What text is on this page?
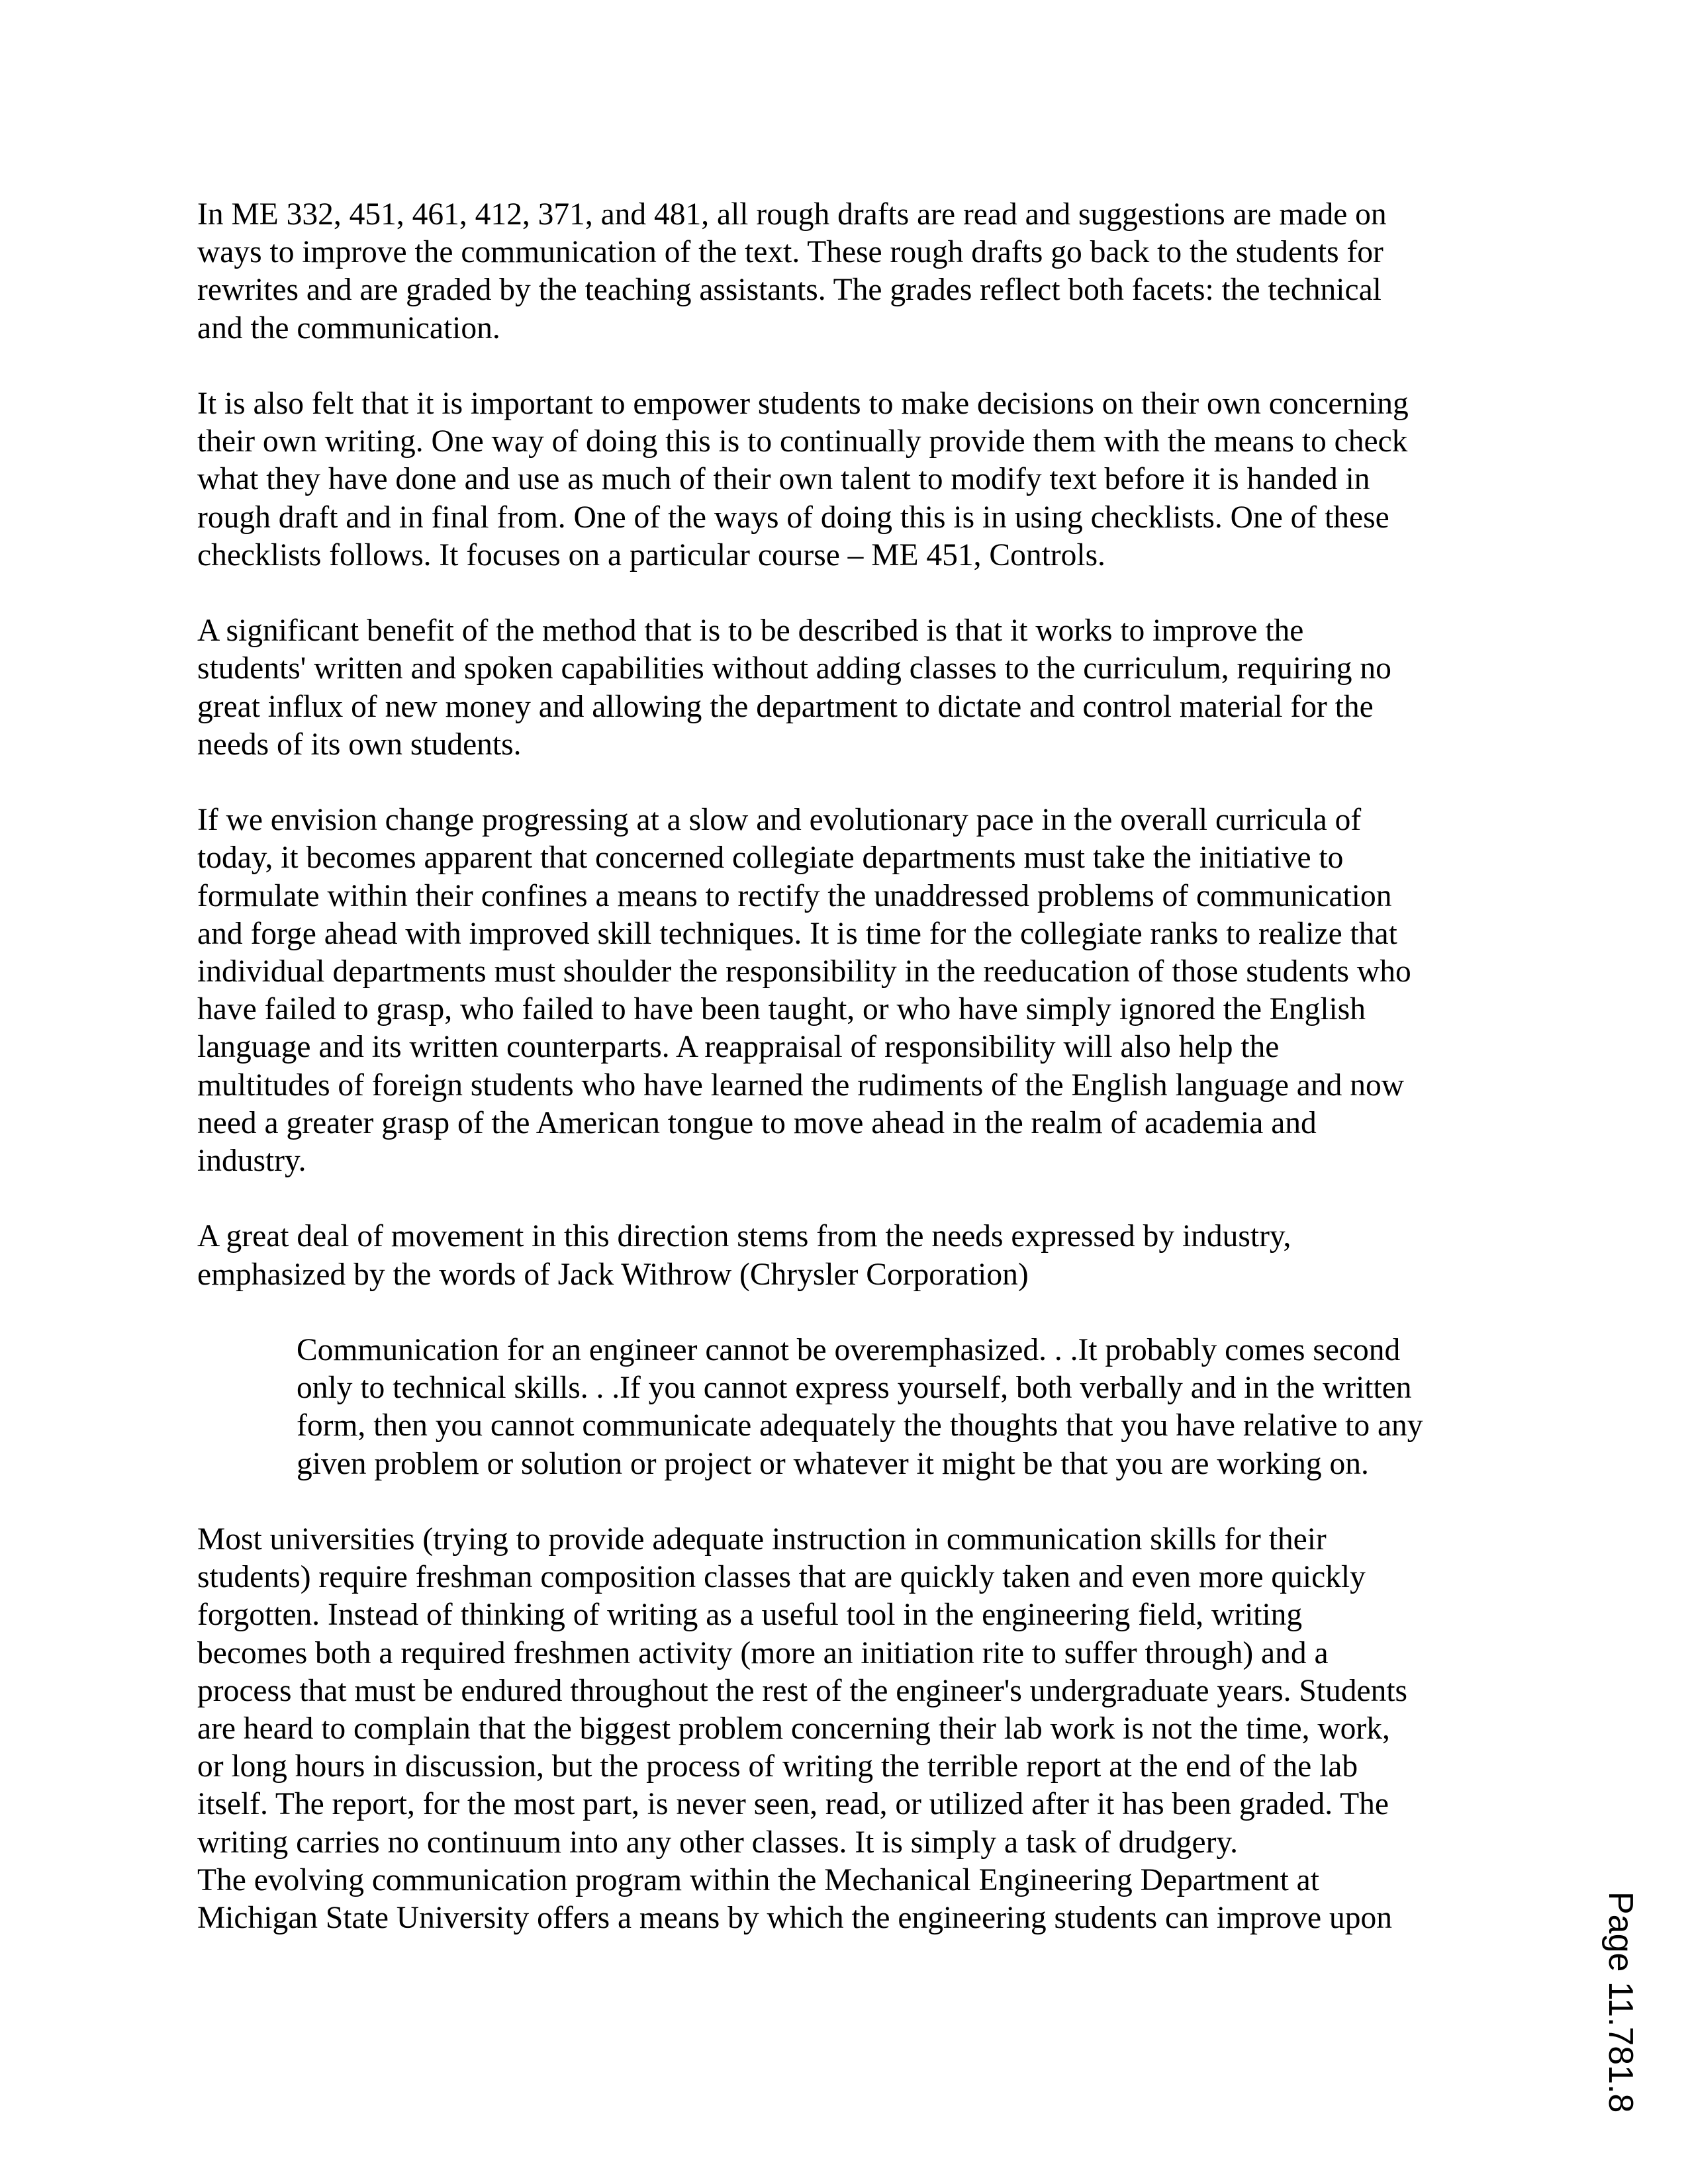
In ME 332, 451, 461, 412, 371, and 481, all rough drafts are read and suggestions are made on
ways to improve the communication of the text. These rough drafts go back to the students for
rewrites and are graded by the teaching assistants. The grades reflect both facets: the technical
and the communication.

It is also felt that it is important to empower students to make decisions on their own concerning
their own writing. One way of doing this is to continually provide them with the means to check
what they have done and use as much of their own talent to modify text before it is handed in
rough draft and in final from. One of the ways of doing this is in using checklists. One of these
checklists follows. It focuses on a particular course – ME 451, Controls.

A significant benefit of the method that is to be described is that it works to improve the
students' written and spoken capabilities without adding classes to the curriculum, requiring no
great influx of new money and allowing the department to dictate and control material for the
needs of its own students.

If we envision change progressing at a slow and evolutionary pace in the overall curricula of
today, it becomes apparent that concerned collegiate departments must take the initiative to
formulate within their confines a means to rectify the unaddressed problems of communication
and forge ahead with improved skill techniques. It is time for the collegiate ranks to realize that
individual departments must shoulder the responsibility in the reeducation of those students who
have failed to grasp, who failed to have been taught, or who have simply ignored the English
language and its written counterparts. A reappraisal of responsibility will also help the
multitudes of foreign students who have learned the rudiments of the English language and now
need a greater grasp of the American tongue to move ahead in the realm of academia and
industry.

A great deal of movement in this direction stems from the needs expressed by industry,
emphasized by the words of Jack Withrow (Chrysler Corporation)

Communication for an engineer cannot be overemphasized. . .It probably comes second
only to technical skills. . .If you cannot express yourself, both verbally and in the written
form, then you cannot communicate adequately the thoughts that you have relative to any
given problem or solution or project or whatever it might be that you are working on.

Most universities (trying to provide adequate instruction in communication skills for their
students) require freshman composition classes that are quickly taken and even more quickly
forgotten. Instead of thinking of writing as a useful tool in the engineering field, writing
becomes both a required freshmen activity (more an initiation rite to suffer through) and a
process that must be endured throughout the rest of the engineer's undergraduate years. Students
are heard to complain that the biggest problem concerning their lab work is not the time, work,
or long hours in discussion, but the process of writing the terrible report at the end of the lab
itself. The report, for the most part, is never seen, read, or utilized after it has been graded. The
writing carries no continuum into any other classes. It is simply a task of drudgery.

The evolving communication program within the Mechanical Engineering Department at
Michigan State University offers a means by which the engineering students can improve upon	Page 11.781.8
